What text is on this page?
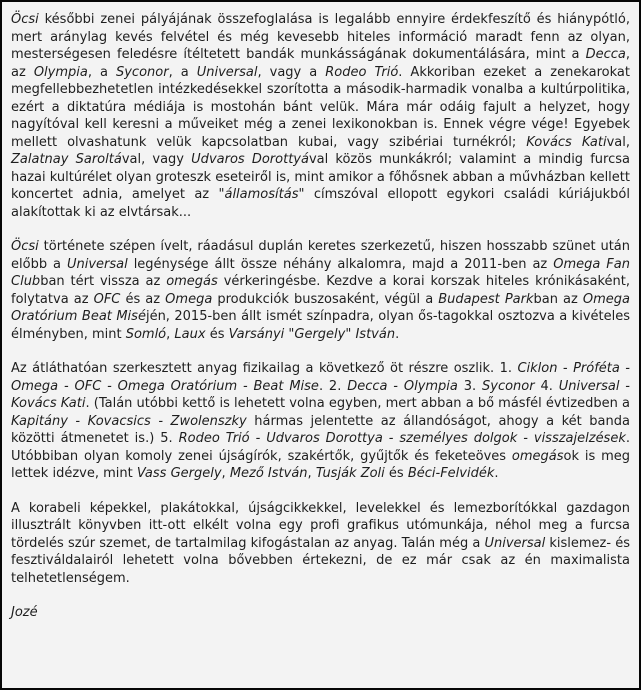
Öcsi későbbi zenei pályájának összefoglalása is legalább ennyire érdekfeszítő és hiánypótló, mert aránylag kevés felvétel és még kevesebb hiteles információ maradt fenn az olyan, mesterségesen feledésre ítéltetett bandák munkásságának dokumentálására, mint a Decca, az Olympia, a Syconor, a Universal, vagy a Rodeo Trió. Akkoriban ezeket a zenekarokat megfellebbezhetetlen intézkedésekkel szorította a második-harmadik vonalba a kultúrpolitika, ezért a diktatúra médiája is mostohán bánt velük. Mára már odáig fajult a helyzet, hogy nagyítóval kell keresni a műveiket még a zenei lexikonokban is. Ennek végre vége! Egyebek mellett olvashatunk velük kapcsolatban kubai, vagy szibériai turnékról; Kovács Katival, Zalatnay Saroltával, vagy Udvaros Dorottyával közös munkákról; valamint a mindig furcsa hazai kultúrélet olyan groteszk eseteiről is, mint amikor a főhősnek abban a művházban kellett koncertet adnia, amelyet az "államosítás" címszóval ellopott egykori családi kúriájukból alakítottak ki az elvtársak...

Öcsi története szépen ívelt, ráadásul duplán keretes szerkezetű, hiszen hosszabb szünet után előbb a Universal legénysége állt össze néhány alkalomra, majd a 2011-ben az Omega Fan Clubban tért vissza az omegás vérkeringésbe. Kezdve a korai korszak hiteles krónikásaként, folytatva az OFC és az Omega produkciók buszosaként, végül a Budapest Parkban az Omega Oratórium Beat Miséjén, 2015-ben állt ismét színpadra, olyan ős-tagokkal osztozva a kivételes élményben, mint Somló, Laux és Varsányi "Gergely" István.

Az átláthatóan szerkesztett anyag fizikailag a következő öt részre oszlik. 1. Ciklon - Próféta - Omega - OFC - Omega Oratórium - Beat Mise. 2. Decca - Olympia 3. Syconor 4. Universal - Kovács Kati. (Talán utóbbi kettő is lehetett volna egyben, mert abban a bő másfél évtizedben a Kapitány - Kovacsics - Zwolenszky hármas jelentette az állandóságot, ahogy a két banda közötti átmenetet is.) 5. Rodeo Trió - Udvaros Dorottya - személyes dolgok - visszajelzések. Utóbbiban olyan komoly zenei újságírók, szakértők, gyűjtők és feketeöves omegások is meg lettek idézve, mint Vass Gergely, Mező István, Tusják Zoli és Béci-Felvidék.

A korabeli képekkel, plakátokkal, újságcikkekkel, levelekkel és lemezborítókkal gazdagon illusztrált könyvben itt-ott elkélt volna egy profi grafikus utómunkája, néhol meg a furcsa tördelés szúr szemet, de tartalmilag kifogástalan az anyag. Talán még a Universal kislemez- és fesztiváldalairól lehetett volna bővebben értekezni, de ez már csak az én maximalista telhetetlenségem.

Jozé
